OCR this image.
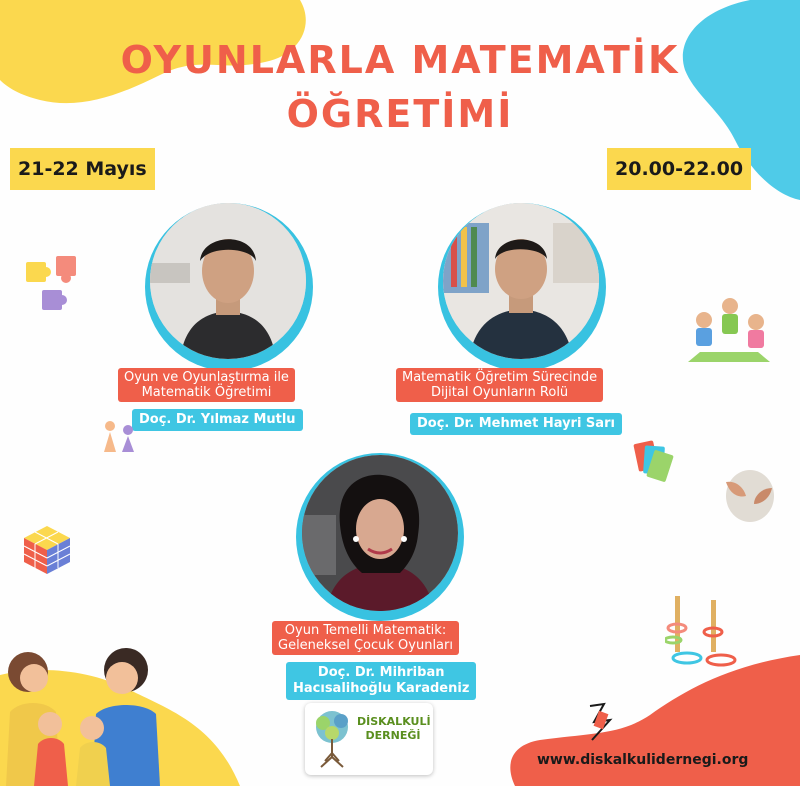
OYUNLARLA MATEMATİK
ÖĞRETİMİ
21-22 Mayıs	20.00-22.00
Oyun ve Oyunlaştırma ile
Matematik Öğretimi
Doç. Dr. Yılmaz Mutlu
Matematik Öğretim Sürecinde
Dijital Oyunların Rolü
Doç. Dr. Mehmet Hayri Sarı
Oyun Temelli Matematik:
Geleneksel Çocuk Oyunları
Doç. Dr. Mihriban
Hacısalihoğlu Karadeniz
DİSKALKULİ
DERNEĞİ
www.diskalkulidernegi.org
